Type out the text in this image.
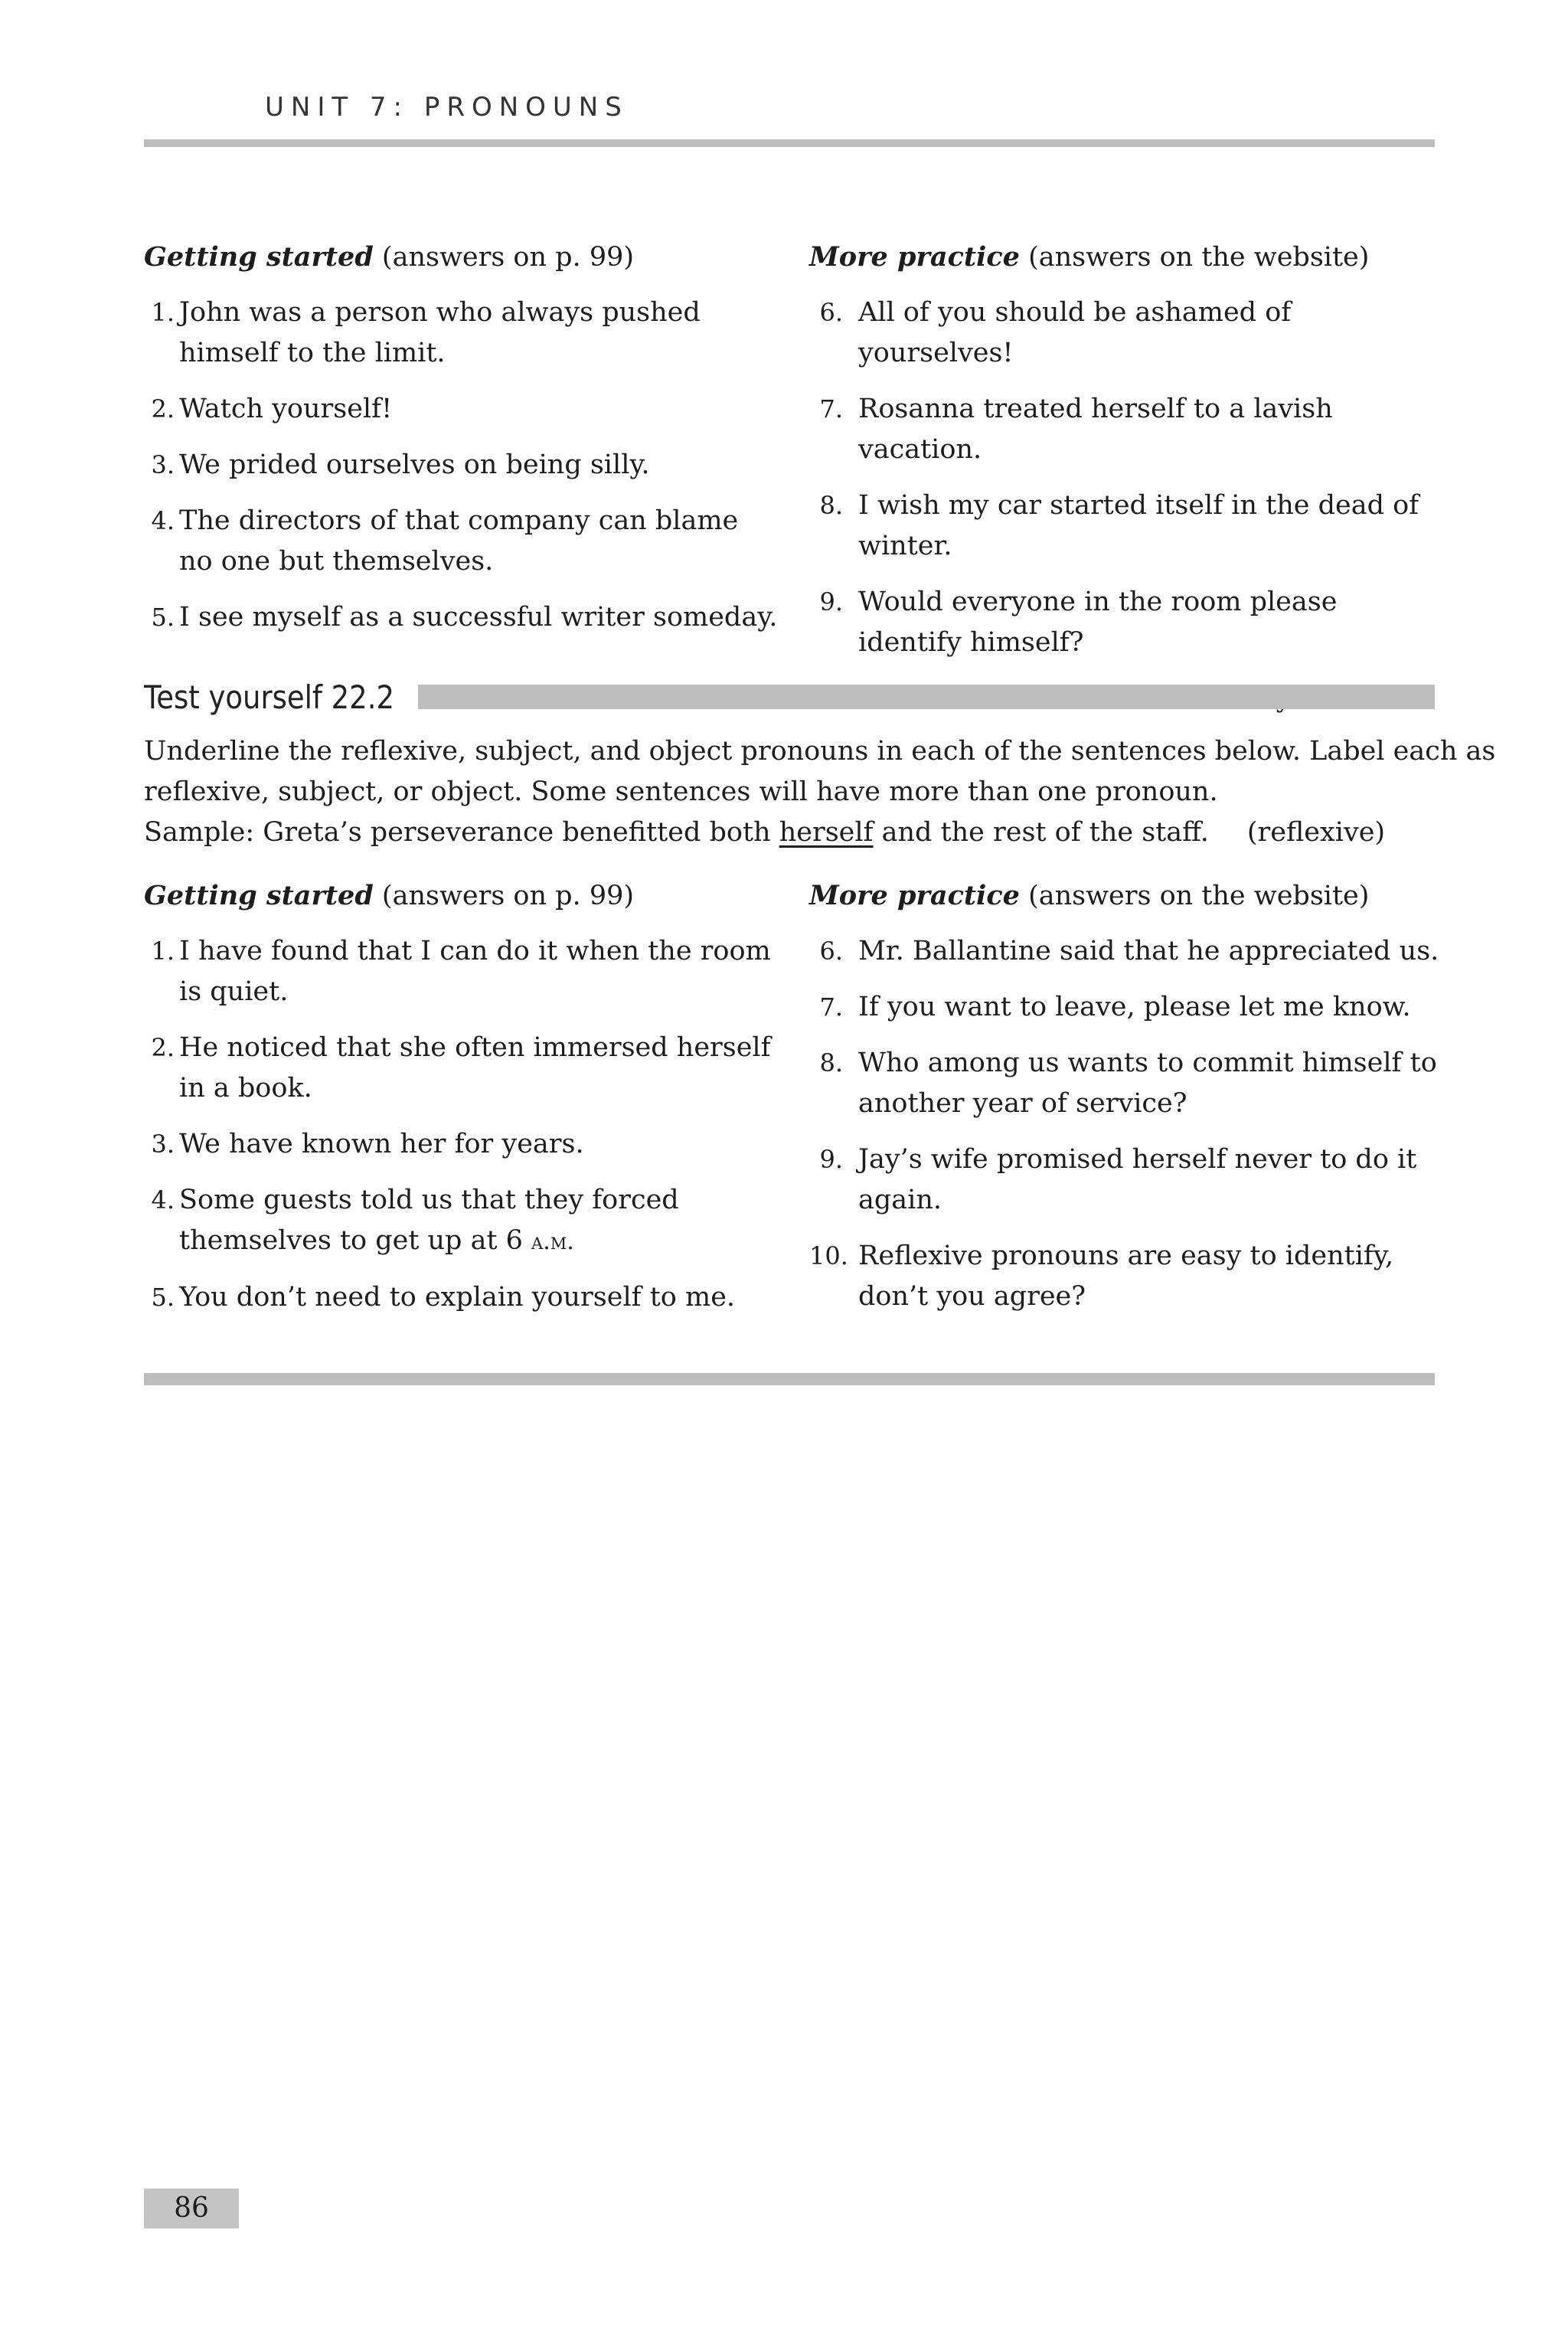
UNIT 7: PRONOUNS
Getting started (answers on p. 99)
1. John was a person who always pushed himself to the limit.
2. Watch yourself!
3. We prided ourselves on being silly.
4. The directors of that company can blame no one but themselves.
5. I see myself as a successful writer someday.
More practice (answers on the website)
6. All of you should be ashamed of yourselves!
7. Rosanna treated herself to a lavish vacation.
8. I wish my car started itself in the dead of winter.
9. Would everyone in the room please identify himself?
Test yourself 22.2

Underline the reflexive, subject, and object pronouns in each of the sentences below. Label each as

reflexive, subject, or object. Some sentences will have more than one pronoun.

Sample: Greta’s perseverance benefitted both herself and the rest of the staff. (reflexive)

Getting started (answers on p. 99)
1. I have found that I can do it when the room is quiet.
2. He noticed that she often immersed herself in a book.
3. We have known her for years.
4. Some guests told us that they forced themselves to get up at 6 a.m.
5. You don’t need to explain yourself to me.
More practice (answers on the website)
6. Mr. Ballantine said that he appreciated us.
7. If you want to leave, please let me know.
8. Who among us wants to commit himself to another year of service?
9. Jay’s wife promised herself never to do it again.
10. Reflexive pronouns are easy to identify, don’t you agree?
86
